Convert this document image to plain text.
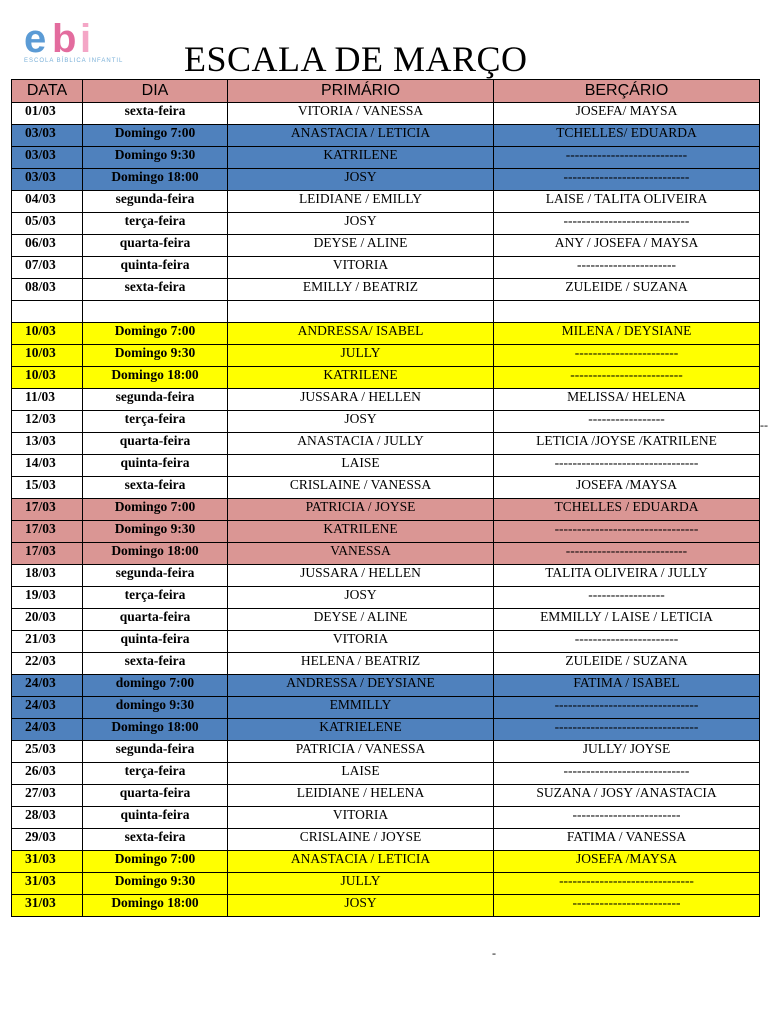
e b i
ESCOLA BÍBLICA INFANTIL ESCALA DE MARÇO
DATA	DIA	PRIMÁRIO	BERÇÁRIO
01/03	sexta-feira	VITORIA / VANESSA	JOSEFA/ MAYSA
03/03	Domingo 7:00	ANASTACIA / LETICIA	TCHELLES/ EDUARDA
03/03	Domingo 9:30	KATRILENE	---------------------------
03/03	Domingo 18:00	JOSY	----------------------------
04/03	segunda-feira	LEIDIANE / EMILLY	LAISE / TALITA OLIVEIRA
05/03	terça-feira	JOSY	----------------------------
06/03	quarta-feira	DEYSE / ALINE	ANY / JOSEFA / MAYSA
07/03	quinta-feira	VITORIA	----------------------
08/03	sexta-feira	EMILLY / BEATRIZ	ZULEIDE / SUZANA

10/03	Domingo 7:00	ANDRESSA/ ISABEL	MILENA / DEYSIANE
10/03	Domingo 9:30	JULLY	-----------------------
10/03	Domingo 18:00	KATRILENE	-------------------------
11/03	segunda-feira	JUSSARA / HELLEN	MELISSA/ HELENA
12/03	terça-feira	JOSY	-----------------
13/03	quarta-feira	ANASTACIA / JULLY	LETICIA /JOYSE /KATRILENE
14/03	quinta-feira	LAISE	--------------------------------
15/03	sexta-feira	CRISLAINE / VANESSA	JOSEFA /MAYSA
17/03	Domingo 7:00	PATRICIA / JOYSE	TCHELLES / EDUARDA
17/03	Domingo 9:30	KATRILENE	--------------------------------
17/03	Domingo 18:00	VANESSA	---------------------------
18/03	segunda-feira	JUSSARA / HELLEN	TALITA OLIVEIRA / JULLY
19/03	terça-feira	JOSY	-----------------
20/03	quarta-feira	DEYSE / ALINE	EMMILLY / LAISE / LETICIA
21/03	quinta-feira	VITORIA	-----------------------
22/03	sexta-feira	HELENA / BEATRIZ	ZULEIDE / SUZANA
24/03	domingo 7:00	ANDRESSA / DEYSIANE	FATIMA / ISABEL
24/03	domingo 9:30	EMMILLY	--------------------------------
24/03	Domingo 18:00	KATRIELENE	--------------------------------
25/03	segunda-feira	PATRICIA / VANESSA	JULLY/ JOYSE
26/03	terça-feira	LAISE	----------------------------
27/03	quarta-feira	LEIDIANE / HELENA	SUZANA / JOSY /ANASTACIA
28/03	quinta-feira	VITORIA	------------------------
29/03	sexta-feira	CRISLAINE / JOYSE	FATIMA / VANESSA
31/03	Domingo 7:00	ANASTACIA / LETICIA	JOSEFA /MAYSA
31/03	Domingo 9:30	JULLY	------------------------------
31/03	Domingo 18:00	JOSY	------------------------
--
-
